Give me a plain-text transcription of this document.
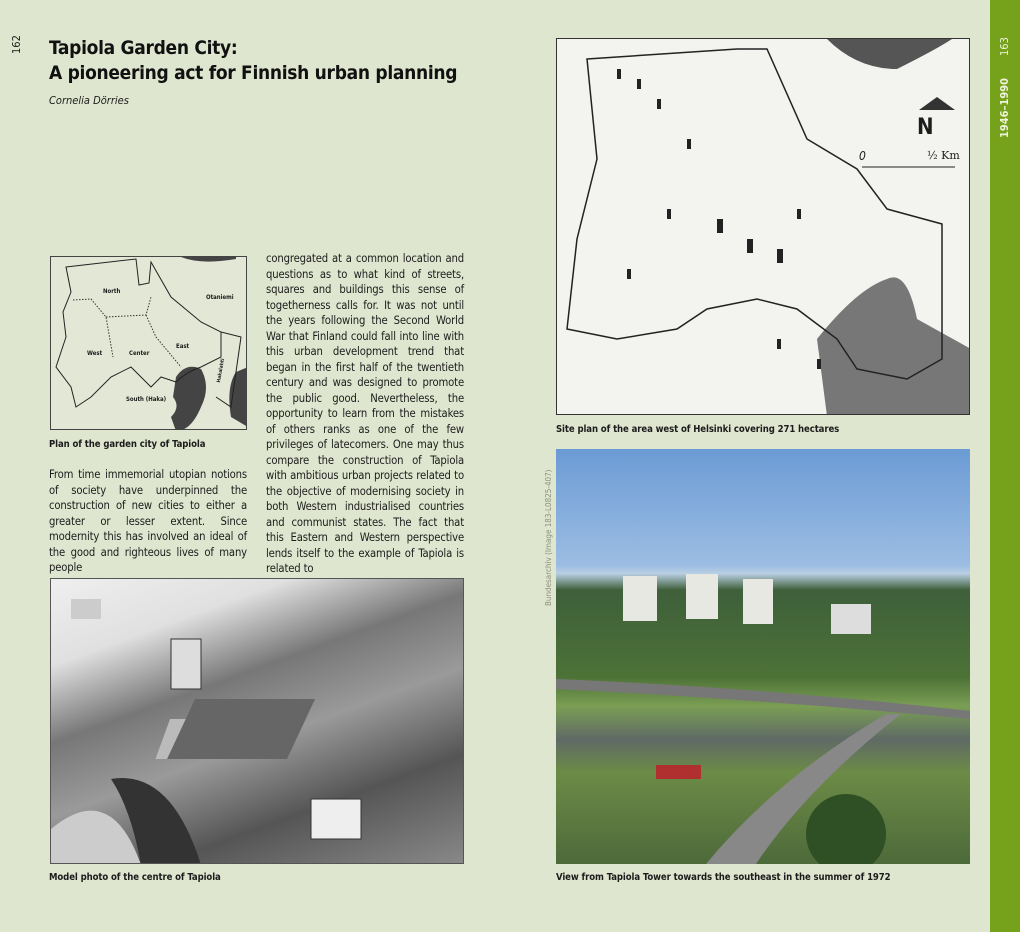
162 Tapiola Garden City:
A pioneering act for Finnish urban planning
Cornelia Dörries
North
Otaniemi
West	Center
East
Hakalahti
South (Haka)
Plan of the garden city of Tapiola
From time immemorial utopian notions of society have underpinned the construction of new cities to either a greater or lesser extent. Since modernity this has involved an ideal of the good and righteous lives of many people
congregated at a common location and questions as to what kind of streets, squares and buildings this sense of togetherness calls for. It was not until the years following the Second World War that Finland could fall into line with this urban development trend that began in the first half of the twentieth century and was designed to promote the public good. Nevertheless, the opportunity to learn from the mistakes of others ranks as one of the few privileges of latecomers. One may thus compare the construction of Tapiola with ambitious urban projects related to the objective of modernising society in both Western industrialised countries and communist states. The fact that this Eastern and Western perspective lends itself to the example of Tapiola is related to
Model photo of the centre of Tapiola
N
0	½ Km
Site plan of the area west of Helsinki covering 271 hectares
Bundesarchiv (Image 183-L0825-407)
View from Tapiola Tower towards the southeast in the summer of 1972
163
1946–1990
